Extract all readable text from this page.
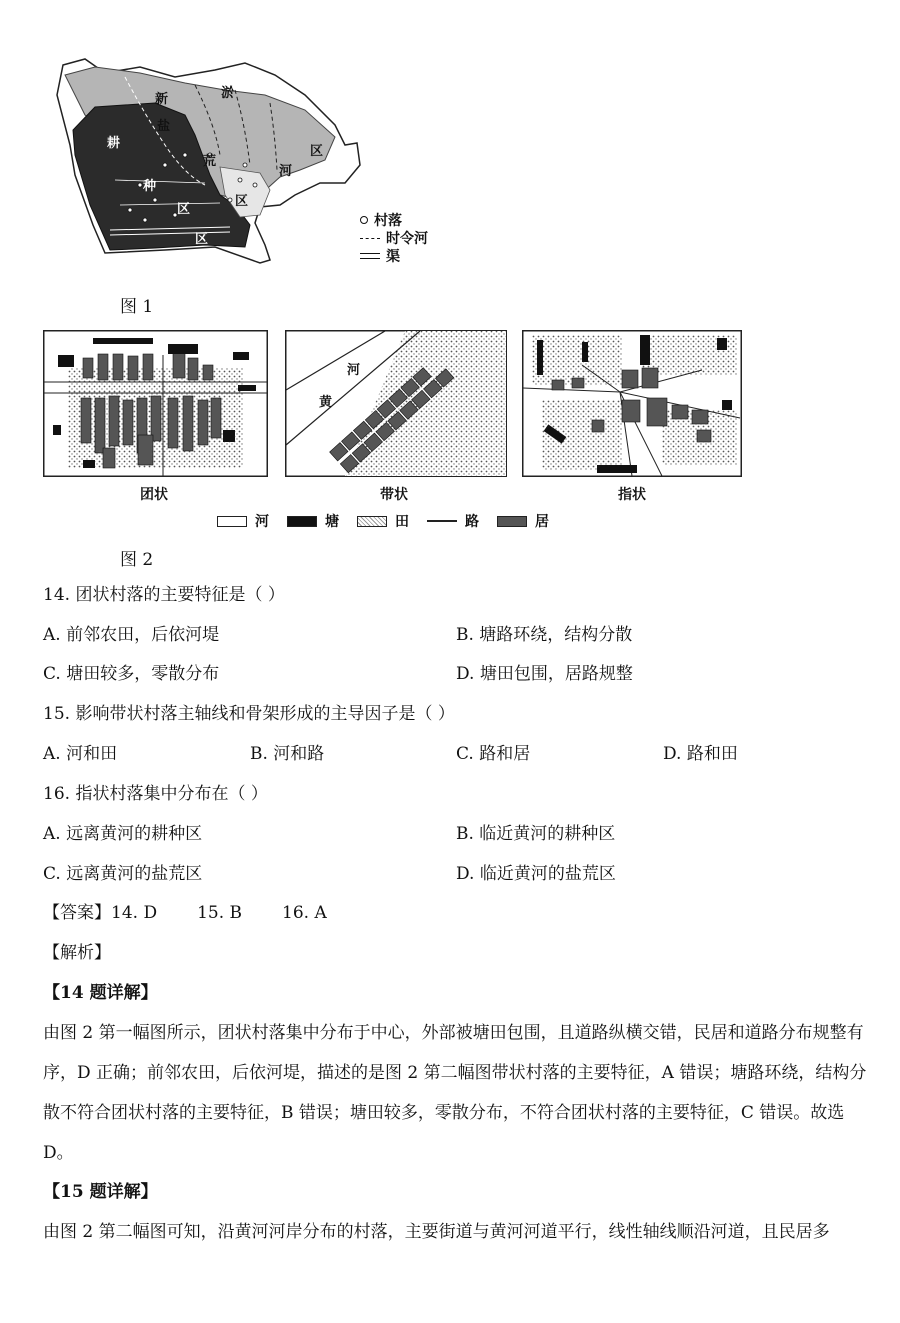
新	淤
盐
荒
区
河
区
耕
种
区
区
村落
时令河
渠
图 1
团状
河
黄
带状	指状
河	塘	田	路	居
图 2
14. 团状村落的主要特征是（ ）
A. 前邻农田，后依河堤	B. 塘路环绕，结构分散
C. 塘田较多，零散分布	D. 塘田包围，居路规整
15. 影响带状村落主轴线和骨架形成的主导因子是（ ）
A. 河和田	B. 河和路	C. 路和居	D. 路和田
16. 指状村落集中分布在（ ）
A. 远离黄河的耕种区	B. 临近黄河的耕种区
C. 远离黄河的盐荒区	D. 临近黄河的盐荒区
【答案】14. D 15. B 16. A
【解析】
【14 题详解】
由图 2 第一幅图所示，团状村落集中分布于中心，外部被塘田包围，且道路纵横交错，民居和道路分布规整有序，D 正确；前邻农田，后依河堤，描述的是图 2 第二幅图带状村落的主要特征，A 错误；塘路环绕，结构分散不符合团状村落的主要特征，B 错误；塘田较多，零散分布，不符合团状村落的主要特征，C 错误。故选 D。
【15 题详解】
由图 2 第二幅图可知，沿黄河河岸分布的村落，主要街道与黄河河道平行，线性轴线顺沿河道，且民居多
